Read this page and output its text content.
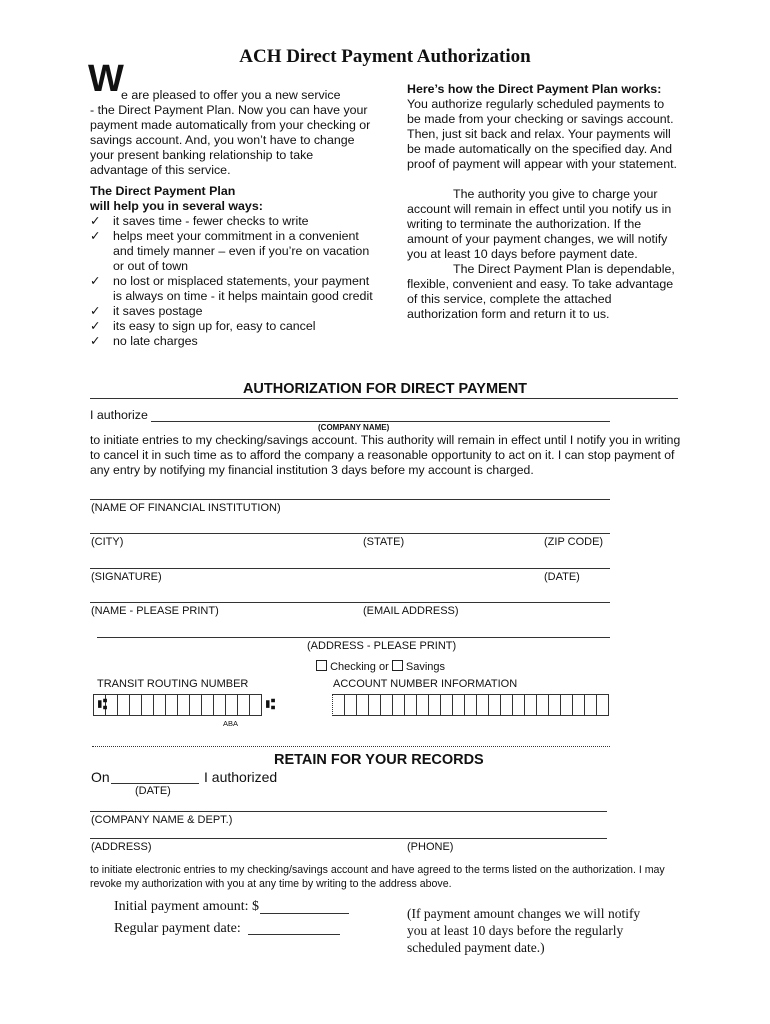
ACH Direct Payment Authorization
W
e are pleased to offer you a new service
- the Direct Payment Plan. Now you can have your payment made automatically from your checking or savings account. And, you won’t have to change your present banking relationship to take advantage of this service.
The Direct Payment Plan
will help you in several ways:
✓ it saves time - fewer checks to write
✓ helps meet your commitment in a convenient and timely manner – even if you’re on vacation or out of town
✓ no lost or misplaced statements, your payment is always on time - it helps maintain good credit
✓ it saves postage
✓ its easy to sign up for, easy to cancel
✓ no late charges
Here’s how the Direct Payment Plan works:
You authorize regularly scheduled payments to be made from your checking or savings account. Then, just sit back and relax. Your payments will be made automatically on the specified day. And proof of payment will appear with your statement.
The authority you give to charge your account will remain in effect until you notify us in writing to terminate the authorization. If the amount of your payment changes, we will notify you at least 10 days before payment date.
The Direct Payment Plan is dependable, flexible, convenient and easy. To take advantage of this service, complete the attached authorization form and return it to us.
AUTHORIZATION FOR DIRECT PAYMENT
I authorize
(COMPANY NAME)
to initiate entries to my checking/savings account. This authority will remain in effect until I notify you in writing to cancel it in such time as to afford the company a reasonable opportunity to act on it. I can stop payment of any entry by notifying my financial institution 3 days before my account is charged.
(NAME OF FINANCIAL INSTITUTION)
(CITY)	(STATE)	(ZIP CODE)
(SIGNATURE)	(DATE)
(NAME - PLEASE PRINT)	(EMAIL ADDRESS)
(ADDRESS - PLEASE PRINT)
Checking or Savings
TRANSIT ROUTING NUMBER	ACCOUNT NUMBER INFORMATION
⑆	⑆
ABA
RETAIN FOR YOUR RECORDS
On	I authorized
(DATE)
(COMPANY NAME & DEPT.)
(ADDRESS)	(PHONE)
to initiate electronic entries to my checking/savings account and have agreed to the terms listed on the authorization. I may revoke my authorization with you at any time by writing to the address above.
Initial payment amount: $
Regular payment date:
(If payment amount changes we will notify you at least 10 days before the regularly scheduled payment date.)
